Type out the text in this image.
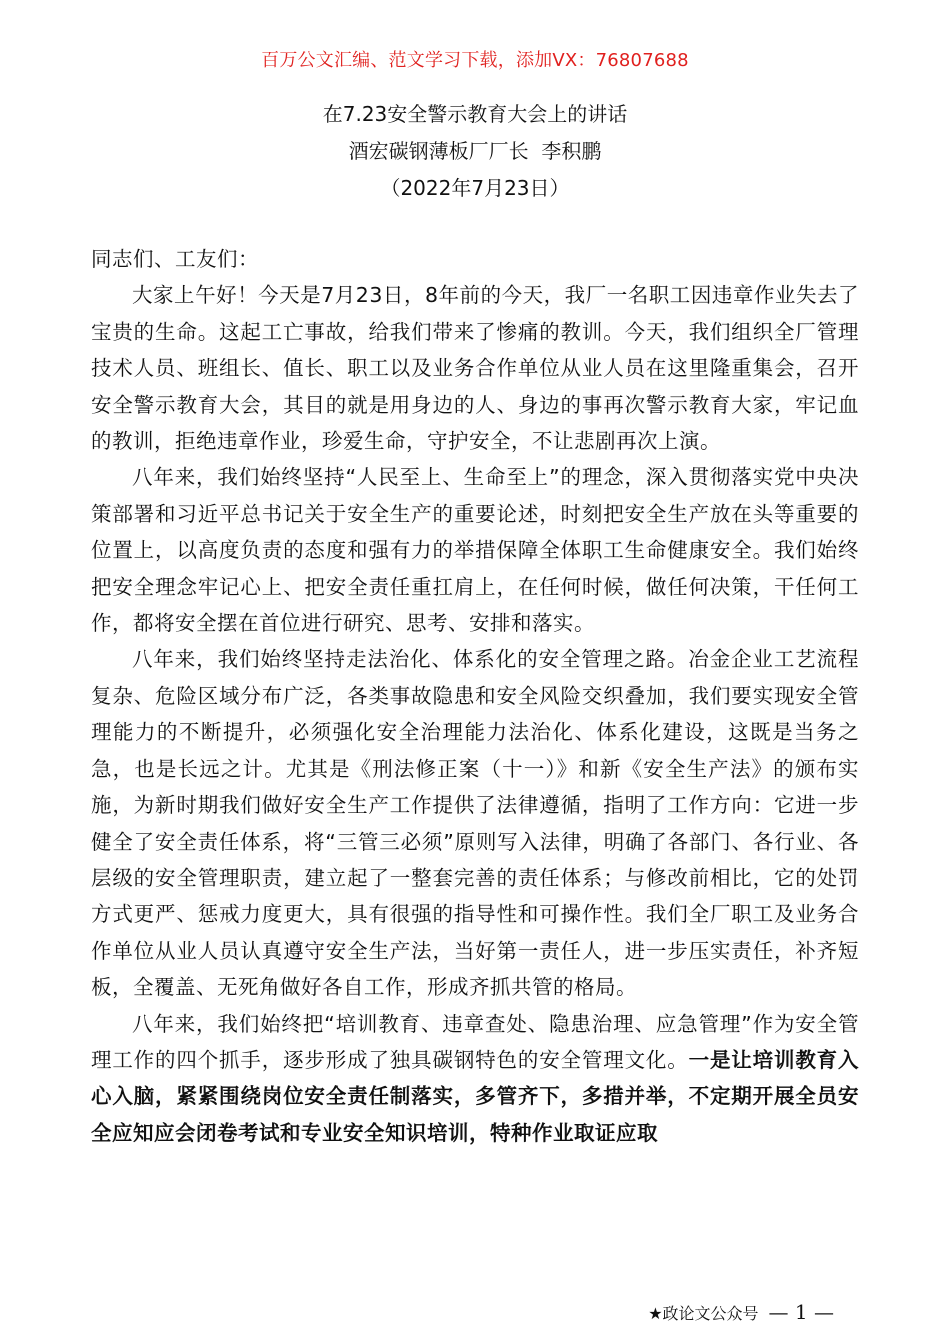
百万公文汇编、范文学习下载，添加VX：76807688
在7.23安全警示教育大会上的讲话
酒宏碳钢薄板厂厂长  李积鹏
（2022年7月23日）

同志们、工友们：

大家上午好！今天是7月23日，8年前的今天，我厂一名职工因违章作业失去了宝贵的生命。这起工亡事故，给我们带来了惨痛的教训。今天，我们组织全厂管理技术人员、班组长、值长、职工以及业务合作单位从业人员在这里隆重集会，召开安全警示教育大会，其目的就是用身边的人、身边的事再次警示教育大家，牢记血的教训，拒绝违章作业，珍爱生命，守护安全，不让悲剧再次上演。

八年来，我们始终坚持“人民至上、生命至上”的理念，深入贯彻落实党中央决策部署和习近平总书记关于安全生产的重要论述，时刻把安全生产放在头等重要的位置上，以高度负责的态度和强有力的举措保障全体职工生命健康安全。我们始终把安全理念牢记心上、把安全责任重扛肩上，在任何时候，做任何决策，干任何工作，都将安全摆在首位进行研究、思考、安排和落实。

八年来，我们始终坚持走法治化、体系化的安全管理之路。冶金企业工艺流程复杂、危险区域分布广泛，各类事故隐患和安全风险交织叠加，我们要实现安全管理能力的不断提升，必须强化安全治理能力法治化、体系化建设，这既是当务之急，也是长远之计。尤其是《刑法修正案（十一）》和新《安全生产法》的颁布实施，为新时期我们做好安全生产工作提供了法律遵循，指明了工作方向：它进一步健全了安全责任体系，将“三管三必须”原则写入法律，明确了各部门、各行业、各层级的安全管理职责，建立起了一整套完善的责任体系；与修改前相比，它的处罚方式更严、惩戒力度更大，具有很强的指导性和可操作性。我们全厂职工及业务合作单位从业人员认真遵守安全生产法，当好第一责任人，进一步压实责任，补齐短板，全覆盖、无死角做好各自工作，形成齐抓共管的格局。

八年来，我们始终把“培训教育、违章查处、隐患治理、应急管理”作为安全管理工作的四个抓手，逐步形成了独具碳钢特色的安全管理文化。一是让培训教育入心入脑，紧紧围绕岗位安全责任制落实，多管齐下，多措并举，不定期开展全员安全应知应会闭卷考试和专业安全知识培训，特种作业取证应取

★政论文公众号 — 1 —
